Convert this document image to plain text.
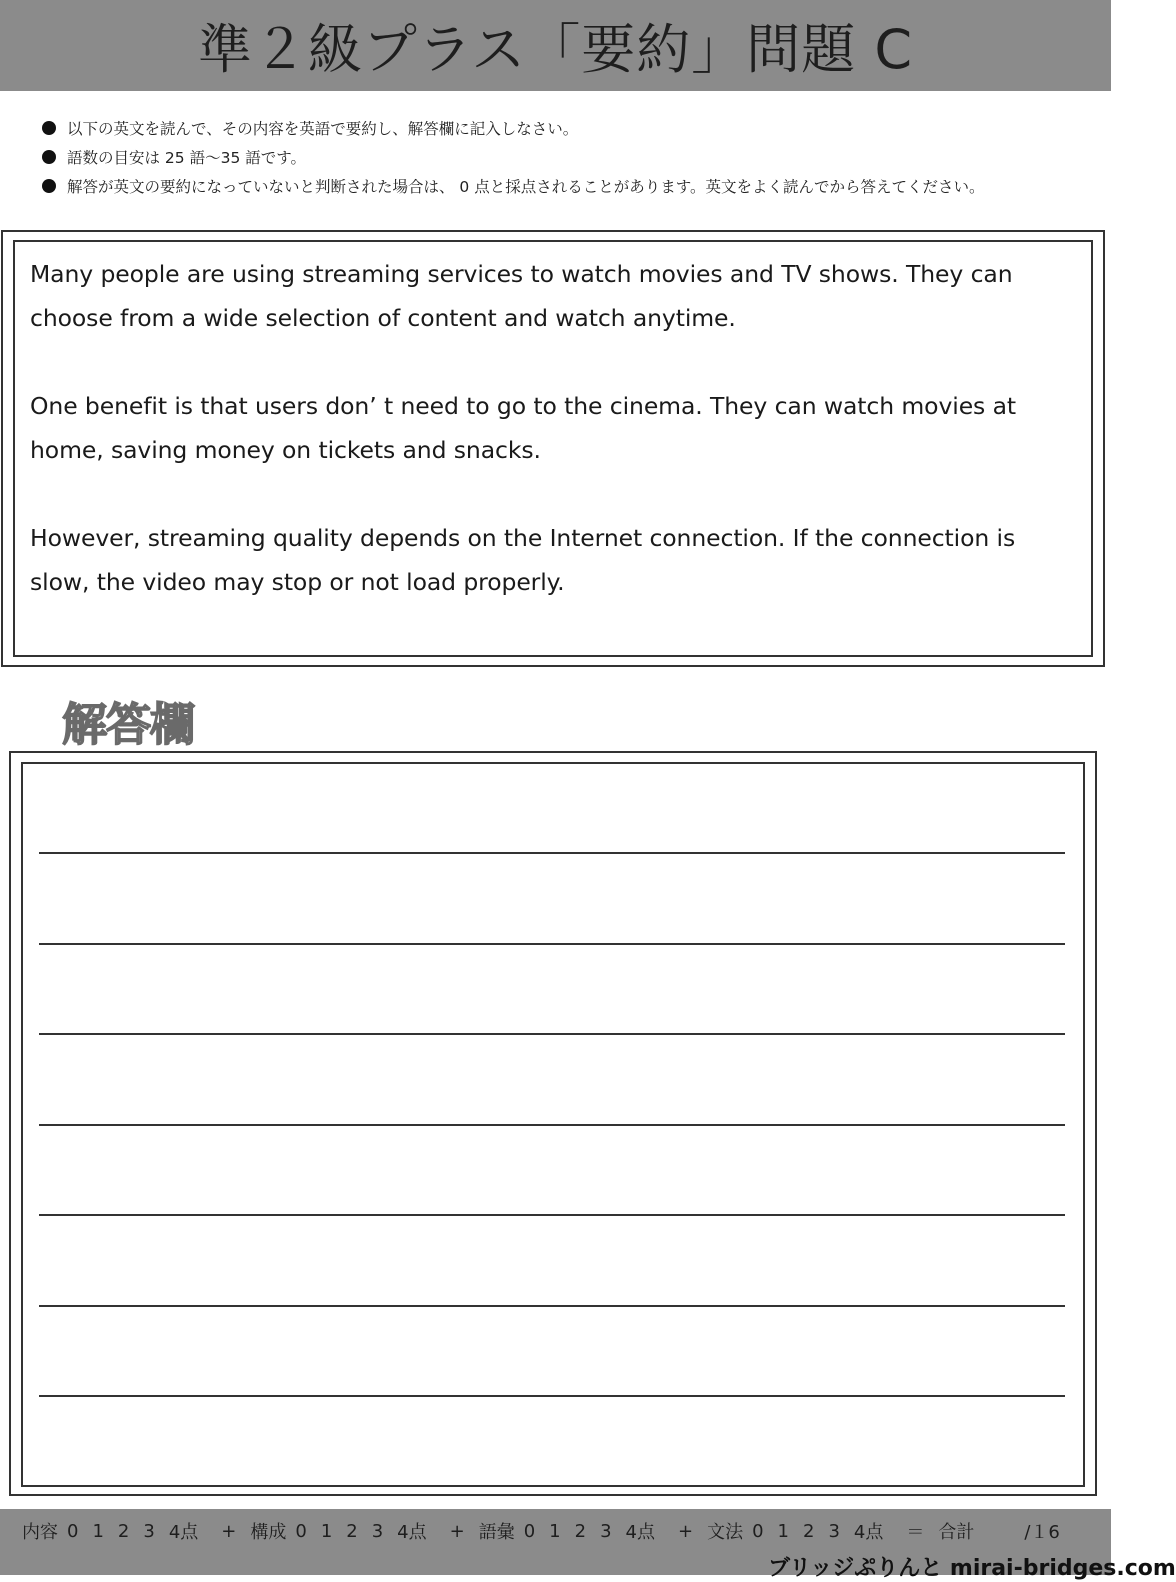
準２級プラス「要約」問題 C
以下の英文を読んで、その内容を英語で要約し、解答欄に記入しなさい。
語数の目安は 25 語〜35 語です。
解答が英文の要約になっていないと判断された場合は、 0 点と採点されることがあります。英文をよく読んでから答えてください。

Many people are using streaming services to watch movies and TV shows. They can choose from a wide selection of content and watch anytime.

One benefit is that users don’ t need to go to the cinema. They can watch movies at home, saving money on tickets and snacks.

However, streaming quality depends on the Internet connection. If the connection is slow, the video may stop or not load properly.

解答欄
内容 0 1 2 3 4点 + 構成 0 1 2 3 4点 + 語彙 0 1 2 3 4点 + 文法 0 1 2 3 4点 ＝ 合計	/１6
ブリッジぷりんと mirai-bridges.com
